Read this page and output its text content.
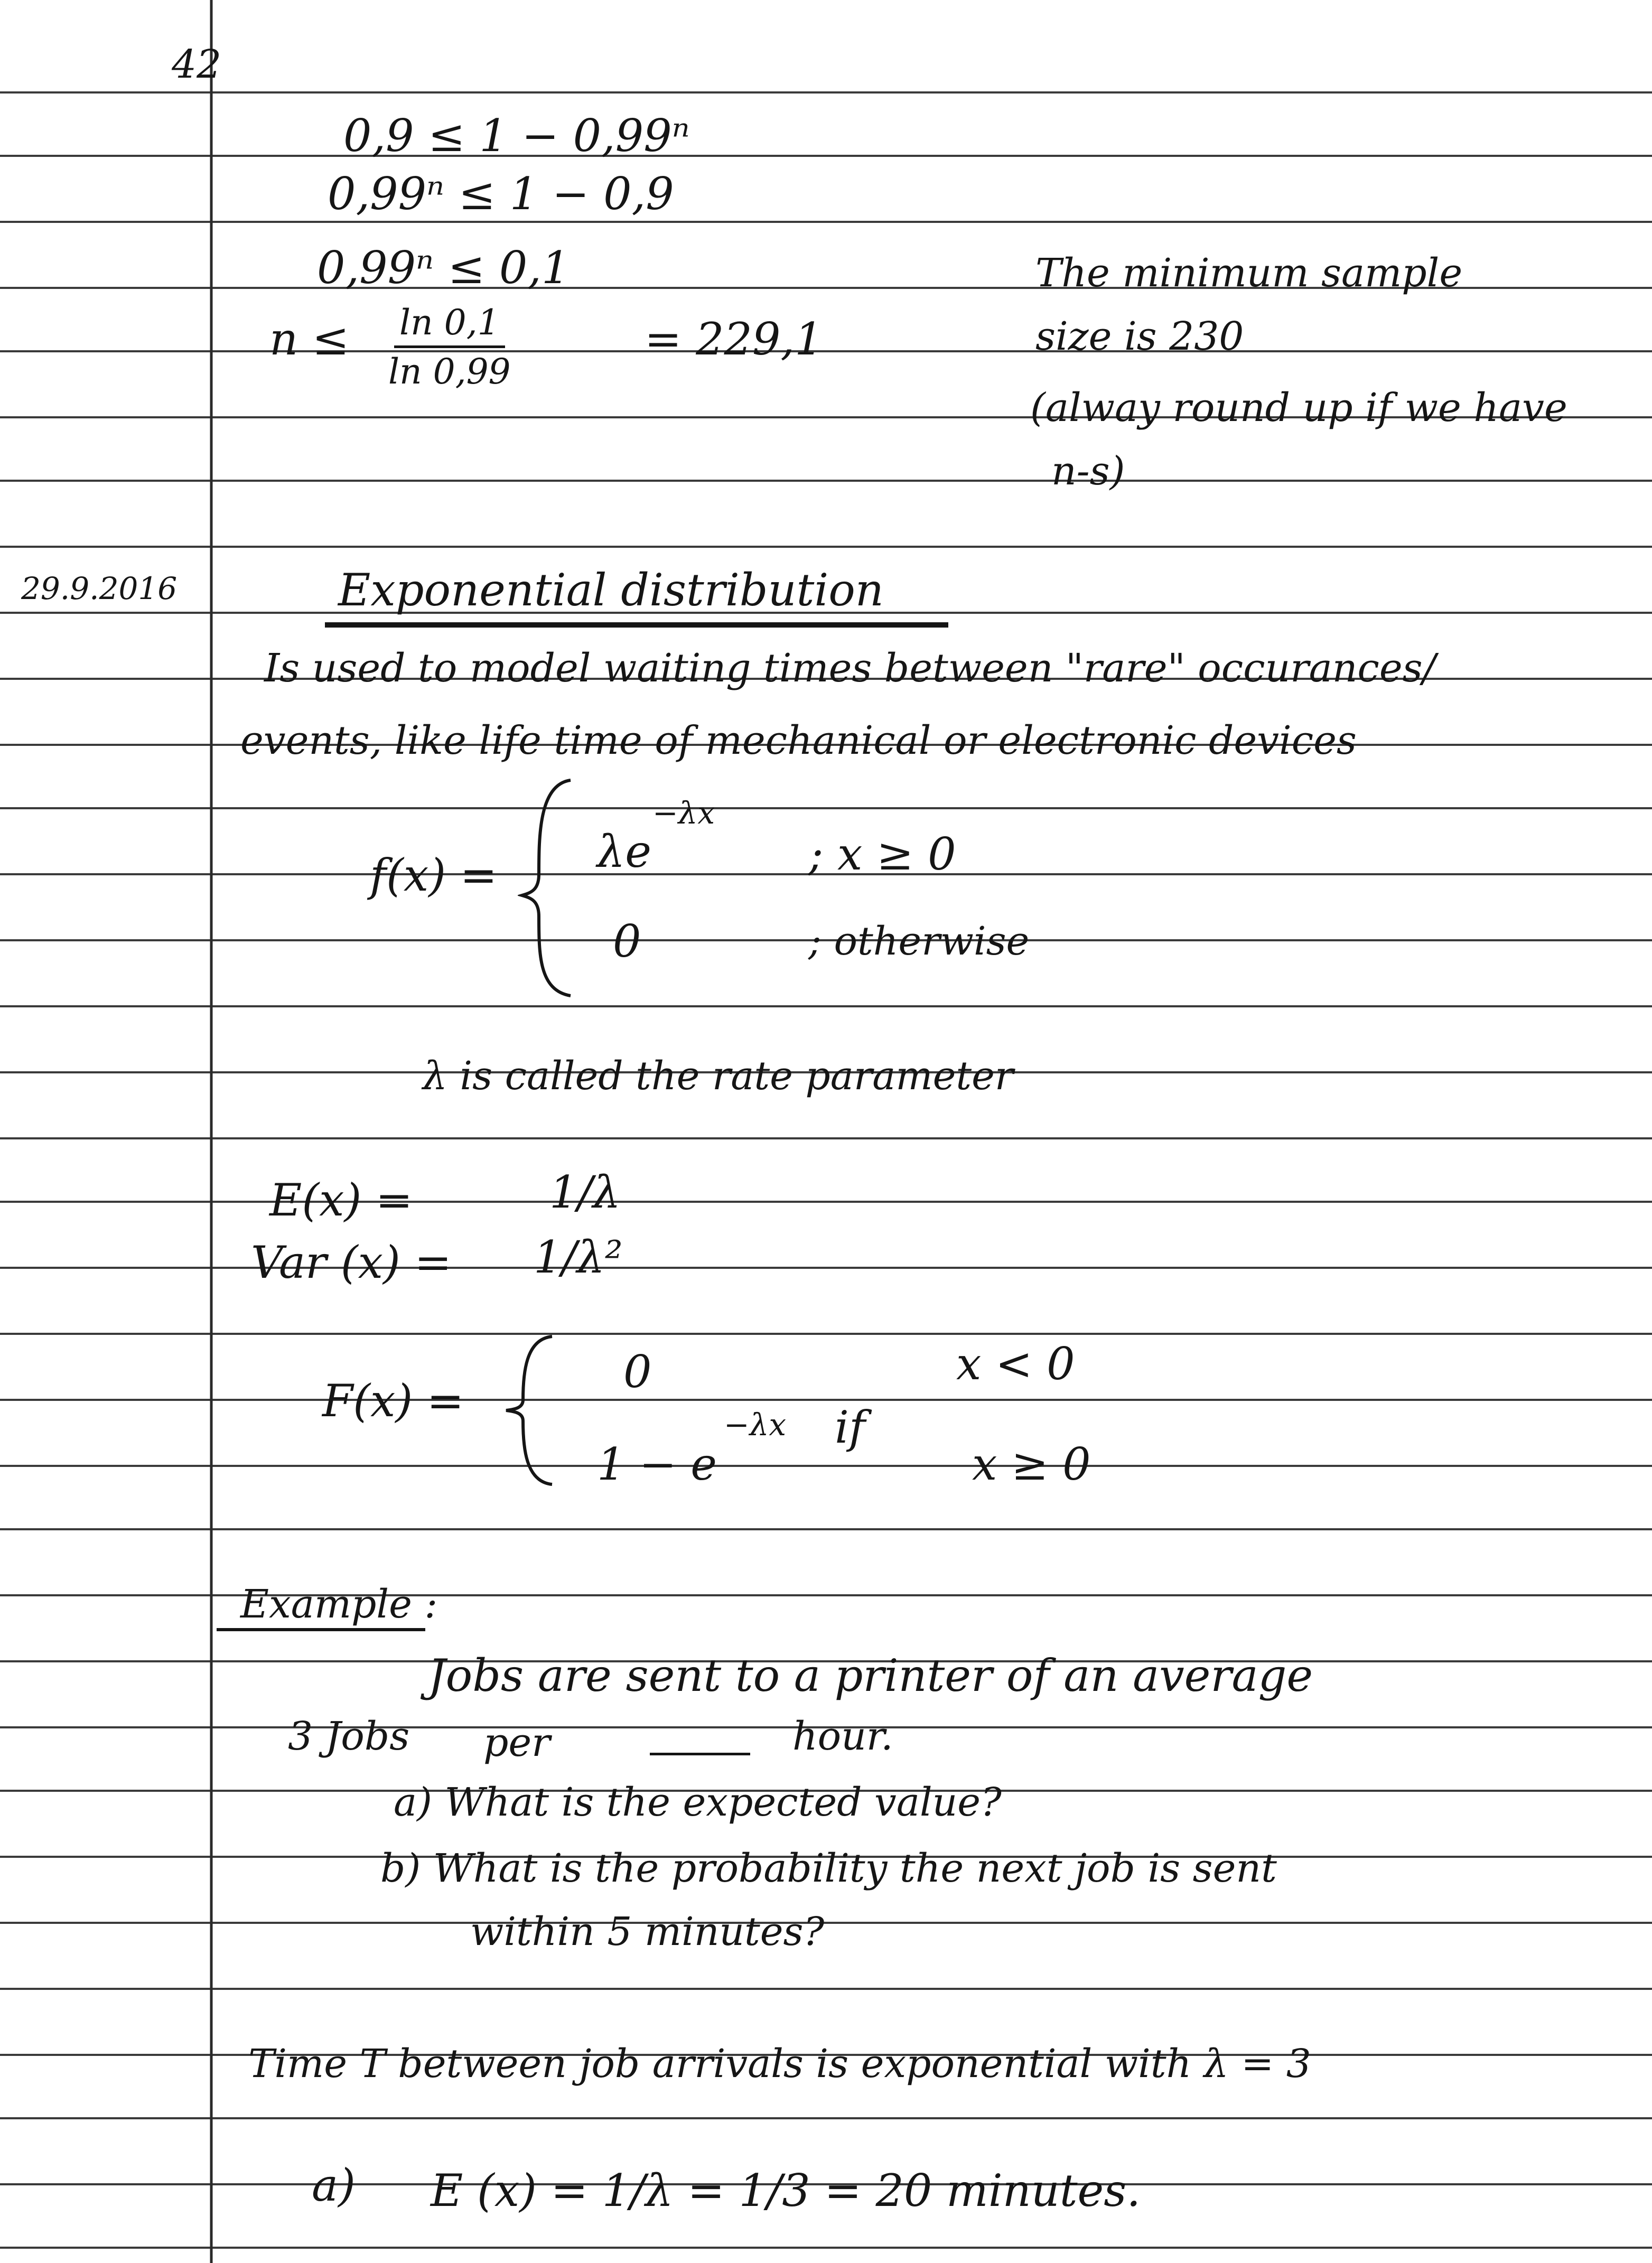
42
29.9.2016
0,9 ≤ 1 − 0,99ⁿ
0,99ⁿ ≤ 1 − 0,9
0,99ⁿ ≤ 0,1
$n \le \frac{\ln 0,1}{\ln 0,99}$	= 229,1
The minimum sample
size is 230
(alway round up if we have
n-s)
Exponential distribution
Is used to model waiting times between "rare" occurances/
events, like life time of mechanical or electronic devices
f(x) = λe
−λx
; x ≥ 0
0	; otherwise
λ is called the rate parameter
E(x) =	1/λ
Var (x) = 1/λ²
F(x) =
0	x < 0
1 − e
−λx if
x ≥ 0
Example :
Jobs are sent to a printer of an average
3 Jobs per	hour.
a) What is the expected value?
b) What is the probability the next job is sent
within 5 minutes?
Time T between job arrivals is exponential with λ = 3
a) E (x) = 1/λ = 1/3 = 20 minutes.
